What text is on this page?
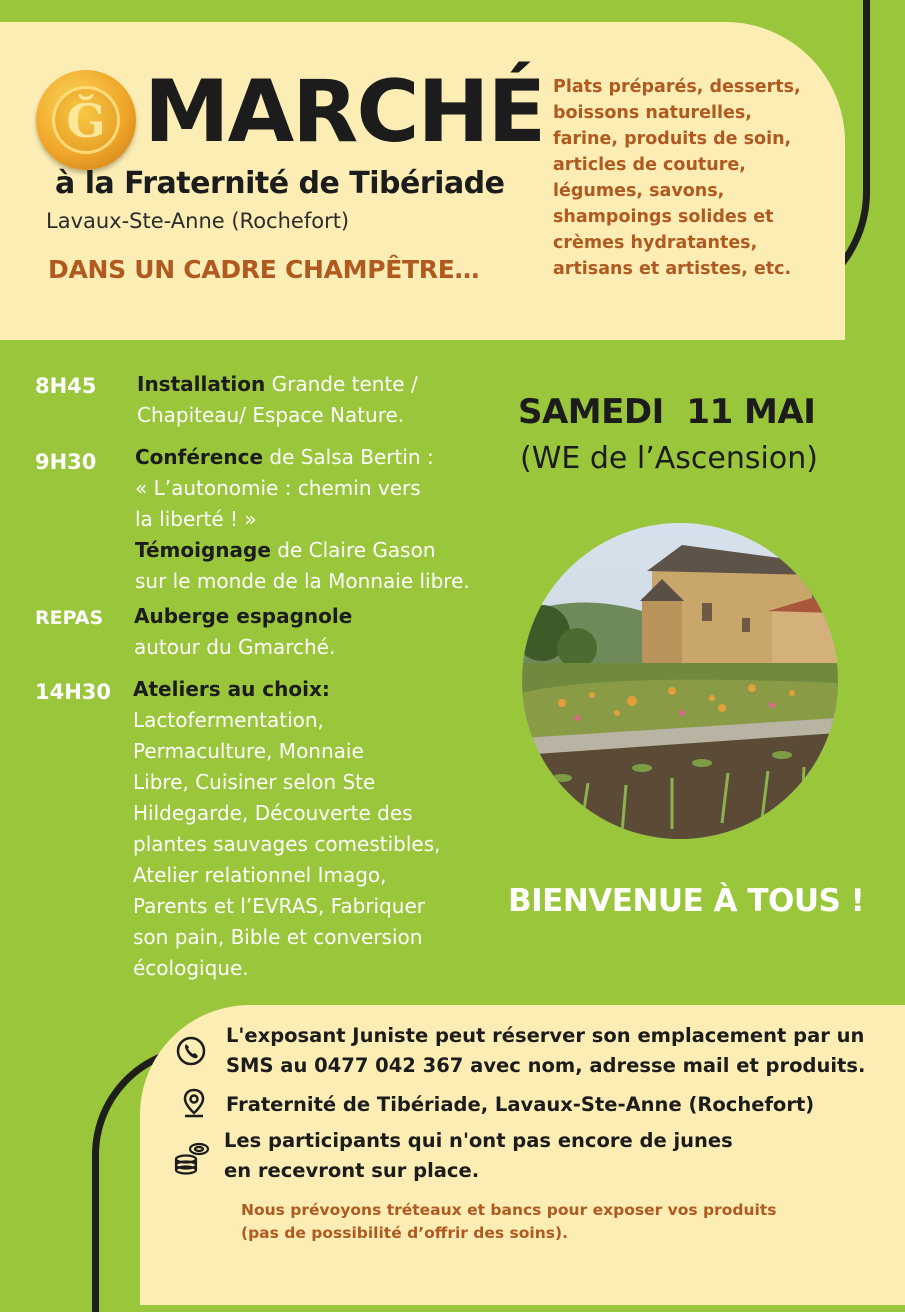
Ğ MARCHÉ
à la Fraternité de Tibériade
Lavaux-Ste-Anne (Rochefort)
DANS UN CADRE CHAMPÊTRE…
Plats préparés, desserts,
boissons naturelles,
farine, produits de soin,
articles de couture,
légumes, savons,
shampoings solides et
crèmes hydratantes,
artisans et artistes, etc.
8H45 Installation Grande tente /
Chapiteau/ Espace Nature.
9H30 Conférence de Salsa Bertin :
« L’autonomie : chemin vers
la liberté ! »
Témoignage de Claire Gason
sur le monde de la Monnaie libre.
REPAS Auberge espagnole
autour du Gmarché.
14H30 Ateliers au choix:
Lactofermentation,
Permaculture, Monnaie
Libre, Cuisiner selon Ste
Hildegarde, Découverte des
plantes sauvages comestibles,
Atelier relationnel Imago,
Parents et l’EVRAS, Fabriquer
son pain, Bible et conversion
écologique.
SAMEDI  11 MAI
(WE de l’Ascension)
BIENVENUE À TOUS !
L'exposant Juniste peut réserver son emplacement par un
SMS au 0477 042 367 avec nom, adresse mail et produits.
Fraternité de Tibériade, Lavaux-Ste-Anne (Rochefort)
Les participants qui n'ont pas encore de junes
en recevront sur place.
Nous prévoyons tréteaux et bancs pour exposer vos produits
(pas de possibilité d’offrir des soins).
